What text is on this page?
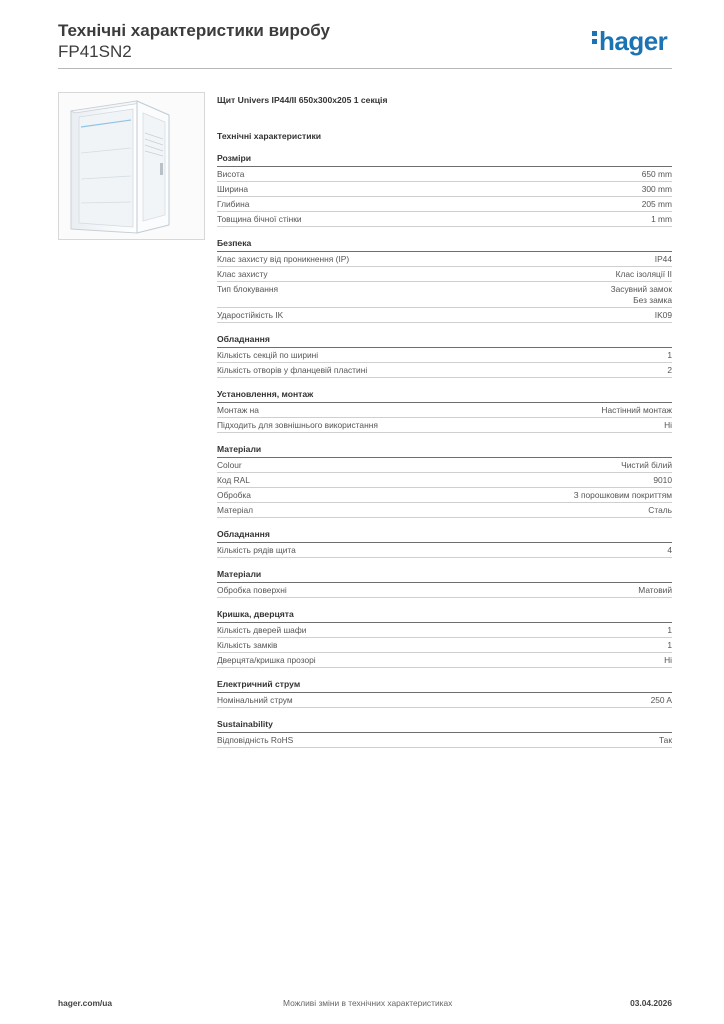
Технічні характеристики виробу
FP41SN2	hager
Щит Univers IP44/II 650x300x205 1 секція
Технічні характеристики
Розміри
Висота	650 mm
Ширина	300 mm
Глибина	205 mm
Товщина бічної стінки	1 mm
Безпека
Клас захисту від проникнення (IP)	IP44
Клас захисту	Клас ізоляції II
Тип блокування	Засувний замок
Без замка
Ударостійкість IK	IK09
Обладнання
Кількість секцій по ширині	1
Кількість отворів у фланцевій пластині	2
Установлення, монтаж
Монтаж на	Настінний монтаж
Підходить для зовнішнього використання	Ні
Матеріали
Colour	Чистий білий
Код RAL	9010
Обробка	З порошковим покриттям
Матеріал	Сталь
Обладнання
Кількість рядів щита	4
Матеріали
Обробка поверхні	Матовий
Кришка, дверцята
Кількість дверей шафи	1
Кількість замків	1
Дверцята/кришка прозорі	Ні
Електричний струм
Номінальний струм	250 A
Sustainability
Відповідність RoHS	Так
hager.com/ua	Можливі зміни в технічних характеристиках	03.04.2026
